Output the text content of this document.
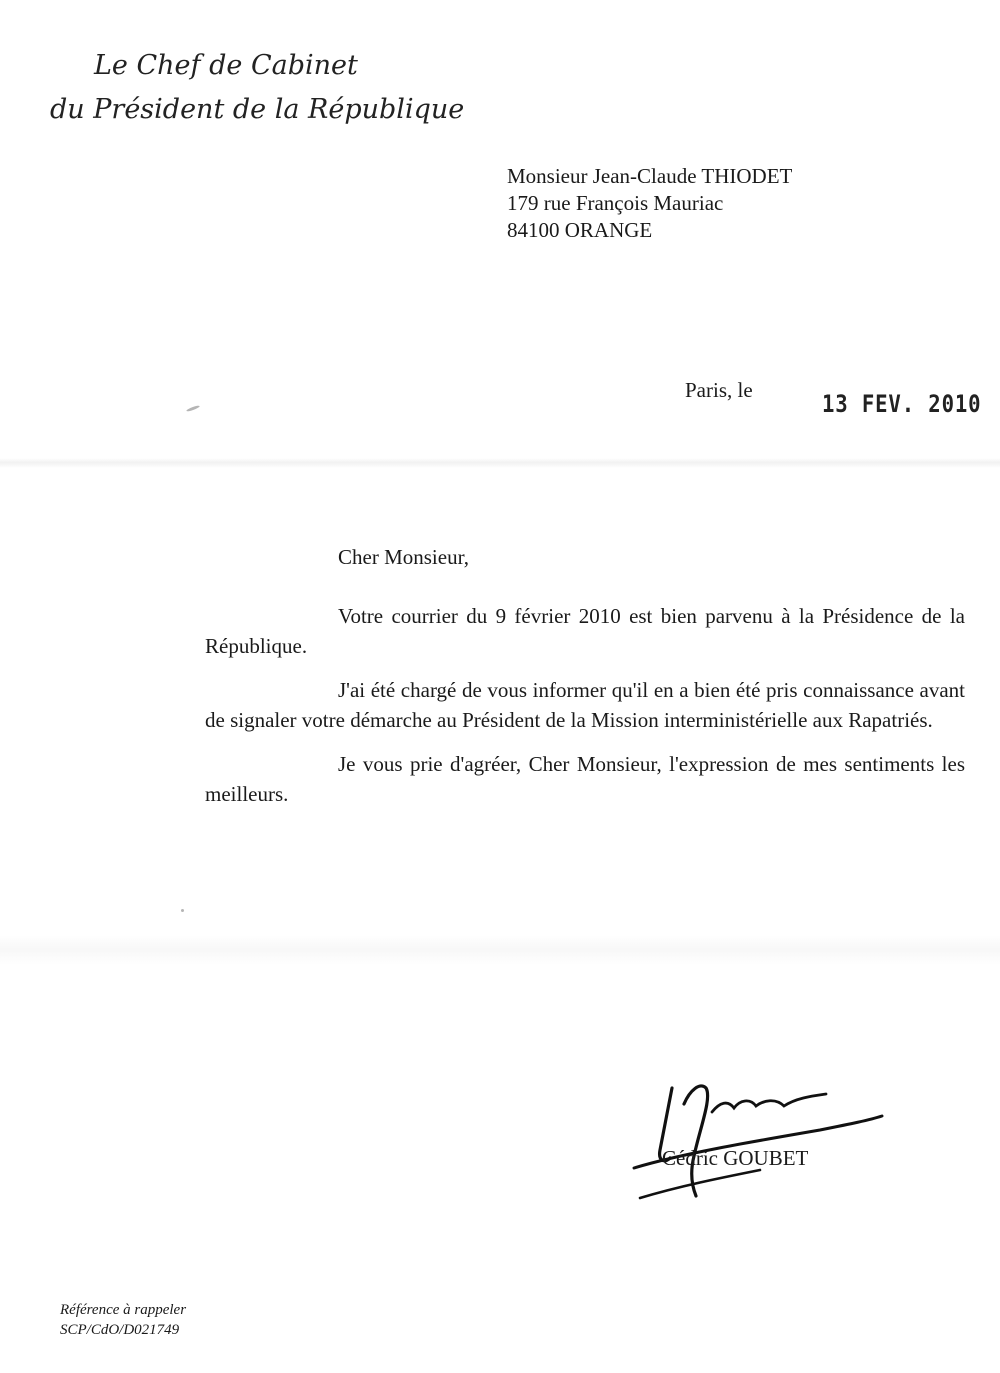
Le Chef de Cabinet
du Président de la République
Monsieur Jean-Claude THIODET
179 rue François Mauriac
84100 ORANGE
Paris, le	13 FEV. 2010
Cher Monsieur,

Votre courrier du 9 février 2010 est bien parvenu à la Présidence de la République.

J'ai été chargé de vous informer qu'il en a bien été pris connaissance avant de signaler votre démarche au Président de la Mission interministérielle aux Rapatriés.

Je vous prie d'agréer, Cher Monsieur, l'expression de mes sentiments les meilleurs.

Cédric GOUBET
Référence à rappeler
SCP/CdO/D021749
